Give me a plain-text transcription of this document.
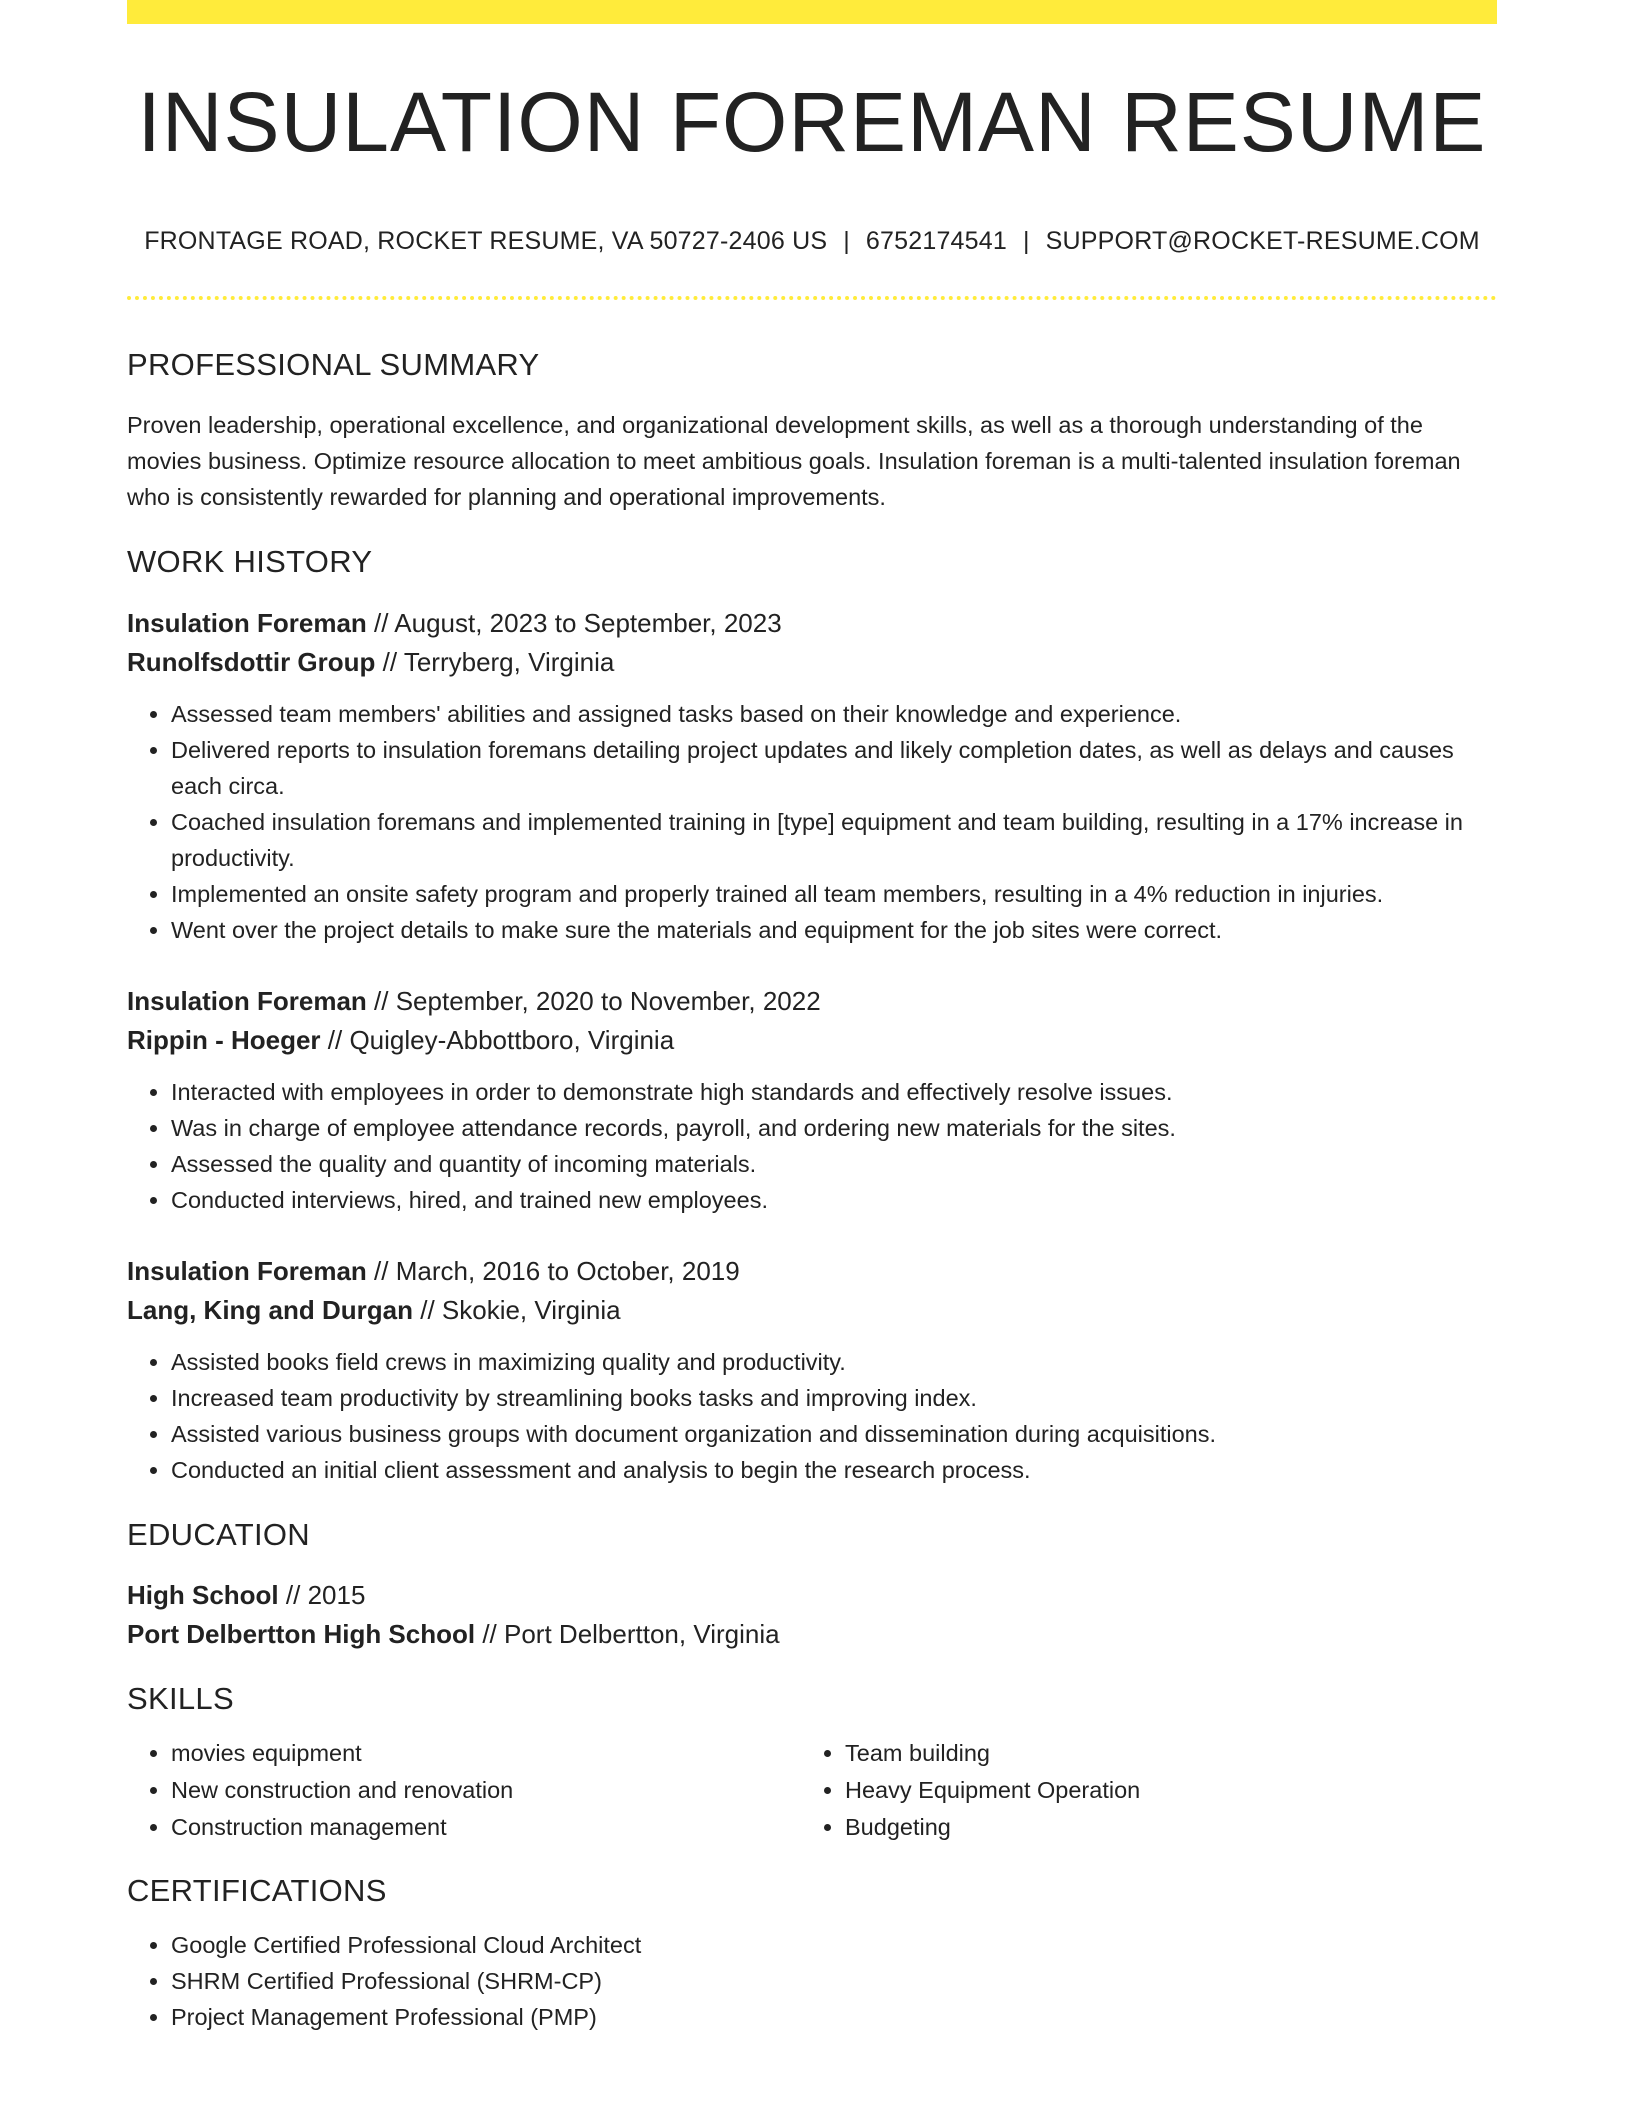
INSULATION FOREMAN RESUME
FRONTAGE ROAD, ROCKET RESUME, VA 50727-2406 US | 6752174541 | SUPPORT@ROCKET-RESUME.COM
PROFESSIONAL SUMMARY
Proven leadership, operational excellence, and organizational development skills, as well as a thorough understanding of the movies business. Optimize resource allocation to meet ambitious goals. Insulation foreman is a multi-talented insulation foreman who is consistently rewarded for planning and operational improvements.
WORK HISTORY
Insulation Foreman // August, 2023 to September, 2023
Runolfsdottir Group // Terryberg, Virginia
• Assessed team members' abilities and assigned tasks based on their knowledge and experience.
• Delivered reports to insulation foremans detailing project updates and likely completion dates, as well as delays and causes each circa.
• Coached insulation foremans and implemented training in [type] equipment and team building, resulting in a 17% increase in productivity.
• Implemented an onsite safety program and properly trained all team members, resulting in a 4% reduction in injuries.
• Went over the project details to make sure the materials and equipment for the job sites were correct.
Insulation Foreman // September, 2020 to November, 2022
Rippin - Hoeger // Quigley-Abbottboro, Virginia
• Interacted with employees in order to demonstrate high standards and effectively resolve issues.
• Was in charge of employee attendance records, payroll, and ordering new materials for the sites.
• Assessed the quality and quantity of incoming materials.
• Conducted interviews, hired, and trained new employees.
Insulation Foreman // March, 2016 to October, 2019
Lang, King and Durgan // Skokie, Virginia
• Assisted books field crews in maximizing quality and productivity.
• Increased team productivity by streamlining books tasks and improving index.
• Assisted various business groups with document organization and dissemination during acquisitions.
• Conducted an initial client assessment and analysis to begin the research process.
EDUCATION
High School // 2015
Port Delbertton High School // Port Delbertton, Virginia
SKILLS
• movies equipment
• New construction and renovation
• Construction management
• Team building
• Heavy Equipment Operation
• Budgeting
CERTIFICATIONS
• Google Certified Professional Cloud Architect
• SHRM Certified Professional (SHRM-CP)
• Project Management Professional (PMP)
